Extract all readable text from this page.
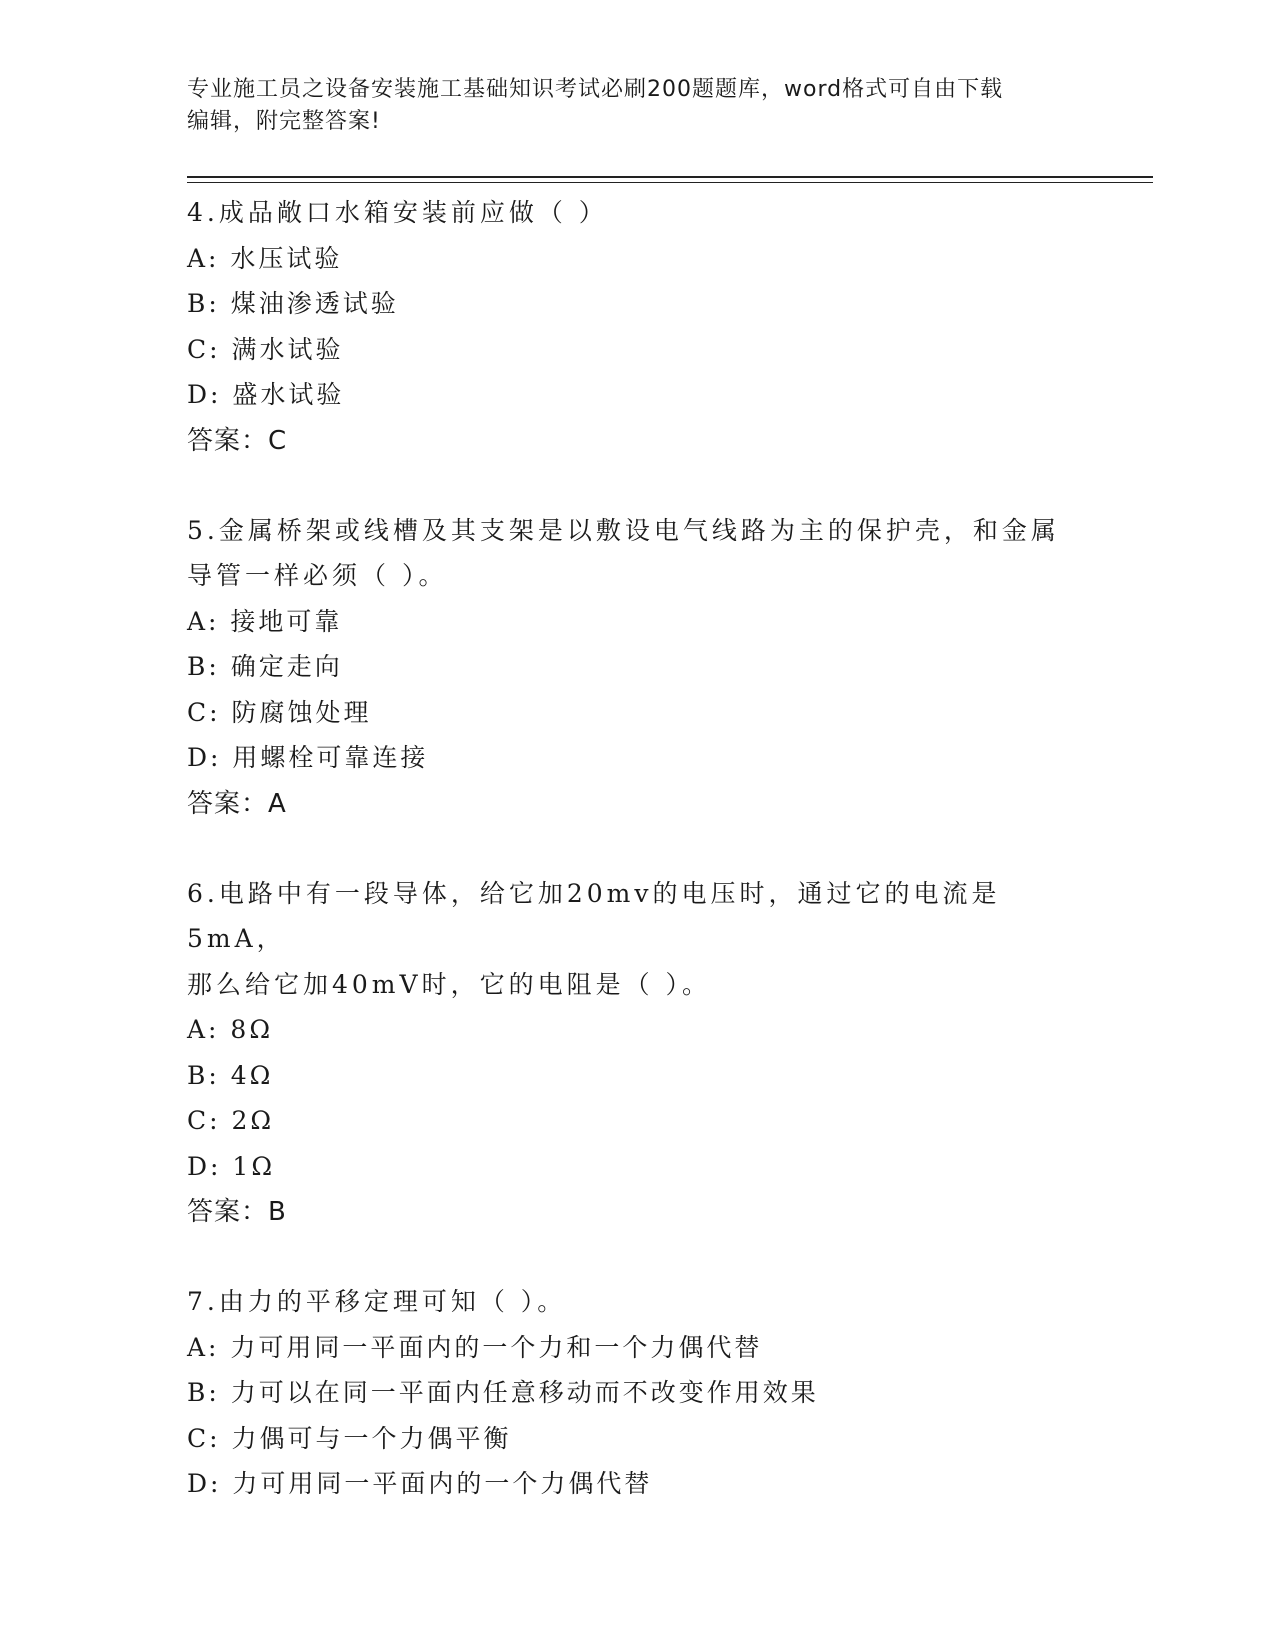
专业施工员之设备安装施工基础知识考试必刷200题题库，word格式可自由下载
编辑，附完整答案!
4.成品敞口水箱安装前应做（ ）
A: 水压试验
B: 煤油渗透试验
C: 满水试验
D: 盛水试验
答案：C
5.金属桥架或线槽及其支架是以敷设电气线路为主的保护壳，和金属
导管一样必须（ ）。
A: 接地可靠
B: 确定走向
C: 防腐蚀处理
D: 用螺栓可靠连接
答案：A
6.电路中有一段导体，给它加20mv的电压时，通过它的电流是5mA，
那么给它加40mV时，它的电阻是（ ）。
A: 8Ω
B: 4Ω
C: 2Ω
D: 1Ω
答案：B
7.由力的平移定理可知（ ）。
A: 力可用同一平面内的一个力和一个力偶代替
B: 力可以在同一平面内任意移动而不改变作用效果
C: 力偶可与一个力偶平衡
D: 力可用同一平面内的一个力偶代替
